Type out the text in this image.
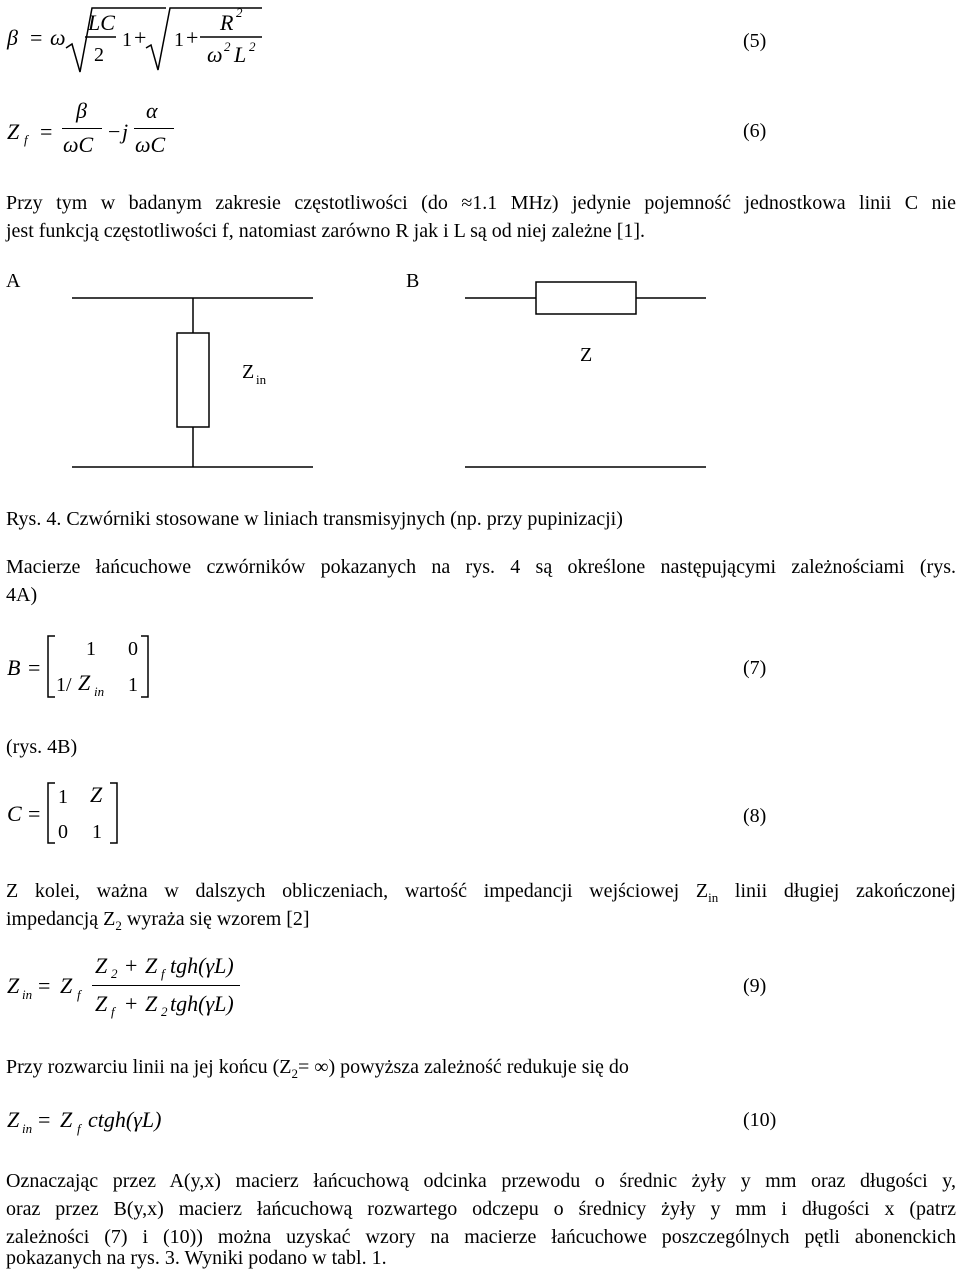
β = ω
LC
2
1 + 1 +
R 2
ω 2 L 2	(5)
Z f =
β
ωC
− j
α
ωC
(6)
Przy tym w badanym zakresie częstotliwości (do ≈1.1 MHz) jedynie pojemność jednostkowa linii C nie
jest funkcją częstotliwości f, natomiast zarówno R jak i L są od niej zależne [1].
A	B
Z in
Z
Rys. 4. Czwórniki stosowane w liniach transmisyjnych (np. przy pupinizacji)
Macierze łańcuchowe czwórników pokazanych na rys. 4 są określone następującymi zależnościami (rys.
4A)
B =
1 0
1/ Z in 1
(7)
(rys. 4B)
C =
1 Z
0 1
(8)
Z kolei, ważna w dalszych obliczeniach, wartość impedancji wejściowej $Z_{in}$ linii długiej zakończonej
impedancją $Z_2$ wyraża się wzorem [2]
Z in = Z f
Z 2 + Z f tgh(γL)
Z f + Z 2 tgh(γL)
(9)
Przy rozwarciu linii na jej końcu ($Z_2=$ ∞) powyższa zależność redukuje się do
Z in = Z f ctgh(γL)	(10)
Oznaczając przez A(y,x) macierz łańcuchową odcinka przewodu o średnic żyły y mm oraz długości y,
oraz przez B(y,x) macierz łańcuchową rozwartego odczepu o średnicy żyły y mm i długości x (patrz
zależności (7) i (10)) można uzyskać wzory na macierze łańcuchowe poszczególnych pętli abonenckich
pokazanych na rys. 3. Wyniki podano w tabl. 1.
